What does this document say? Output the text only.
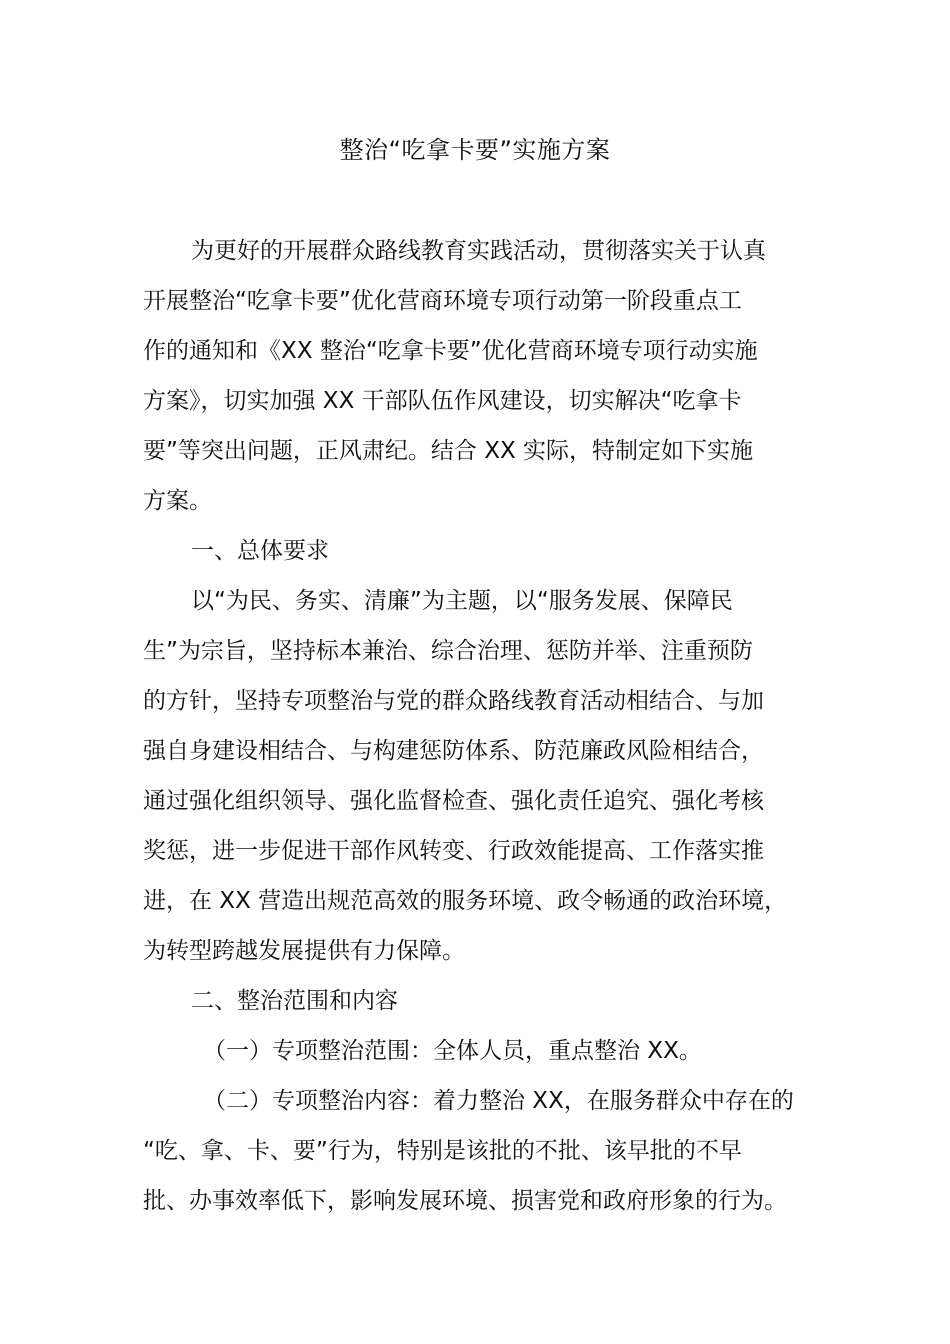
整治“吃拿卡要”实施方案
为更好的开展群众路线教育实践活动，贯彻落实关于认真
开展整治“吃拿卡要”优化营商环境专项行动第一阶段重点工
作的通知和《XX 整治“吃拿卡要”优化营商环境专项行动实施
方案》，切实加强 XX 干部队伍作风建设，切实解决“吃拿卡
要”等突出问题，正风肃纪。结合 XX 实际，特制定如下实施
方案。
一、总体要求
以“为民、务实、清廉”为主题，以“服务发展、保障民
生”为宗旨，坚持标本兼治、综合治理、惩防并举、注重预防
的方针，坚持专项整治与党的群众路线教育活动相结合、与加
强自身建设相结合、与构建惩防体系、防范廉政风险相结合，
通过强化组织领导、强化监督检查、强化责任追究、强化考核
奖惩，进一步促进干部作风转变、行政效能提高、工作落实推
进，在 XX 营造出规范高效的服务环境、政令畅通的政治环境，
为转型跨越发展提供有力保障。
二、整治范围和内容
（一）专项整治范围：全体人员，重点整治 XX。
（二）专项整治内容：着力整治 XX，在服务群众中存在的
“吃、拿、卡、要”行为，特别是该批的不批、该早批的不早
批、办事效率低下，影响发展环境、损害党和政府形象的行为。
